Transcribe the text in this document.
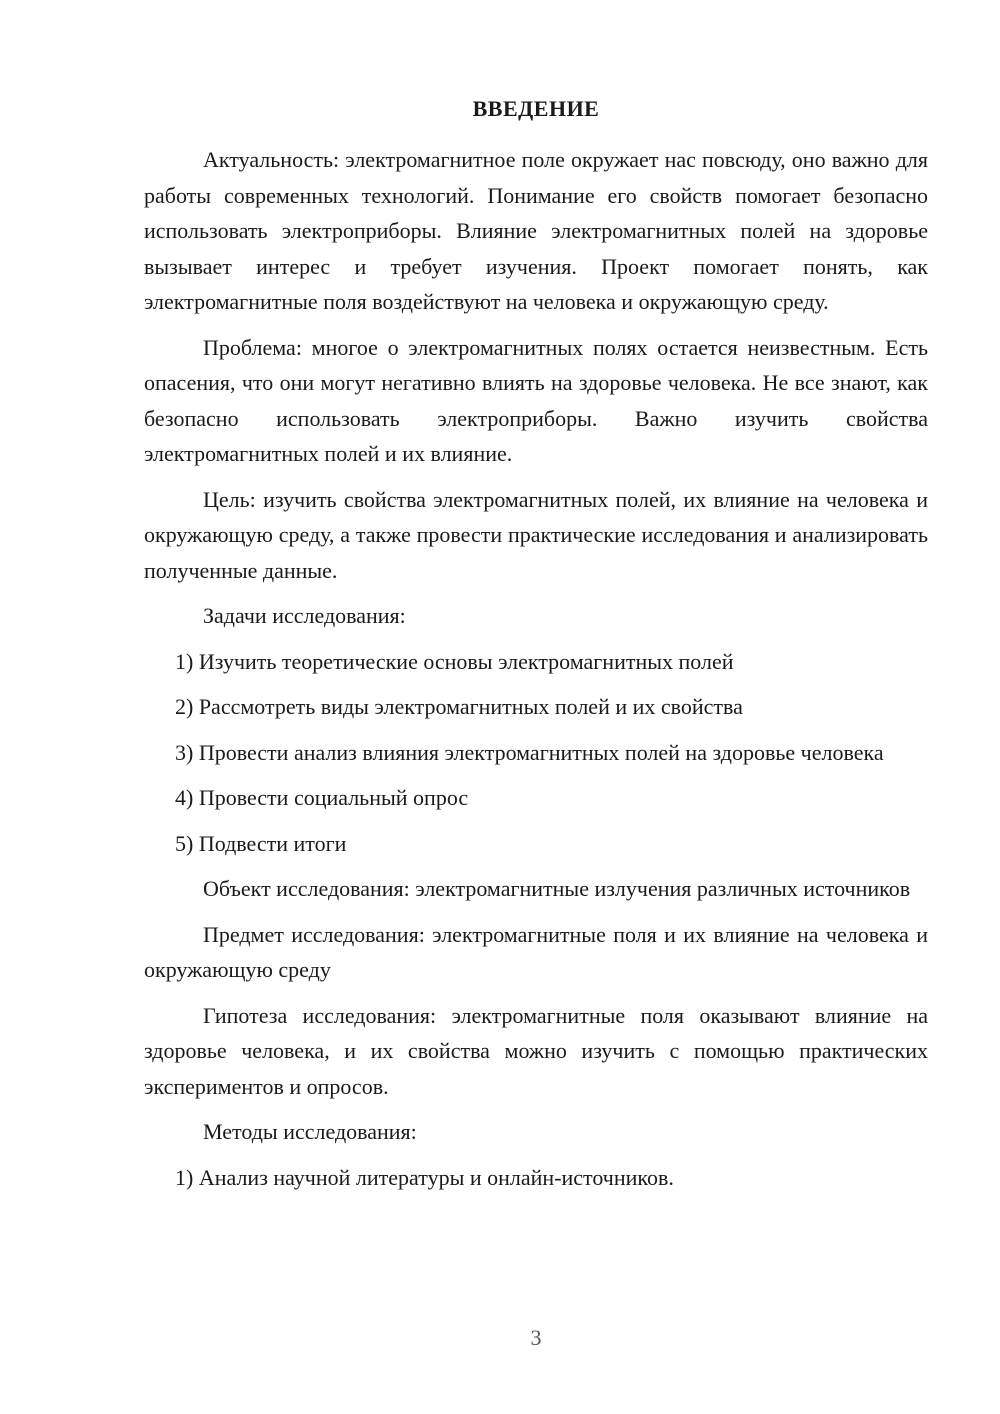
ВВЕДЕНИЕ

Актуальность: электромагнитное поле окружает нас повсюду, оно важно для работы современных технологий. Понимание его свойств помогает безопасно использовать электроприборы. Влияние электромагнитных полей на здоровье вызывает интерес и требует изучения. Проект помогает понять, как электромагнитные поля воздействуют на человека и окружающую среду.

Проблема: многое о электромагнитных полях остается неизвестным. Есть опасения, что они могут негативно влиять на здоровье человека. Не все знают, как безопасно использовать электроприборы. Важно изучить свойства электромагнитных полей и их влияние.

Цель: изучить свойства электромагнитных полей, их влияние на человека и окружающую среду, а также провести практические исследования и анализировать полученные данные.

Задачи исследования:

1) Изучить теоретические основы электромагнитных полей

2) Рассмотреть виды электромагнитных полей и их свойства

3) Провести анализ влияния электромагнитных полей на здоровье человека

4) Провести социальный опрос

5) Подвести итоги

Объект исследования: электромагнитные излучения различных источников

Предмет исследования: электромагнитные поля и их влияние на человека и окружающую среду

Гипотеза исследования: электромагнитные поля оказывают влияние на здоровье человека, и их свойства можно изучить с помощью практических экспериментов и опросов.

Методы исследования:

1) Анализ научной литературы и онлайн-источников.

3
